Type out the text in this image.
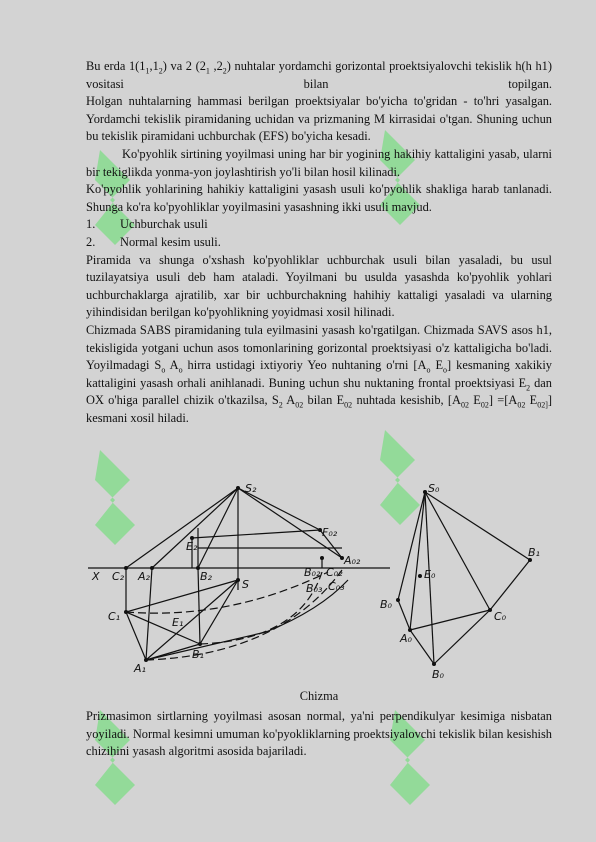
Bu erda $1(1_1,1_2)$ va 2 ($2_1$ $,2_2$) nuhtalar yordamchi gorizontal proektsiyalovchi tekislik h(h h1) vositasi bilan topilgan.

Holgan nuhtalarning hammasi berilgan proektsiyalar bo'yicha to'gridan - to'hri yasalgan. Yordamchi tekislik piramidaning uchidan va prizmaning M kirrasidai o'tgan. Shuning uchun bu tekislik piramidani uchburchak (EFS) bo'yicha kesadi.

Ko'pyohlik sirtining yoyilmasi uning har bir yogining hakihiy kattaligini yasab, ularni bir tekiglikda yonma-yon joylashtirish yo'li bilan hosil kilinadi.

Ko'pyohlik yohlarining hahikiy kattaligini yasash usuli ko'pyohlik shakliga harab tanlanadi. Shunga ko'ra ko'pyohliklar yoyilmasini yasashning ikki usuli mavjud.

1.	Uchburchak usuli

2.	Normal kesim usuli.

Piramida va shunga o'xshash ko'pyohliklar uchburchak usuli bilan yasaladi, bu usul tuzilayatsiya usuli deb ham ataladi. Yoyilmani bu usulda yasashda ko'pyohlik yohlari uchburchaklarga ajratilib, xar bir uchburchakning hahihiy kattaligi yasaladi va ularning yihindisidan berilgan ko'pyohlikning yoyidmasi xosil hilinadi.

Chizmada SABS piramidaning tula eyilmasini yasash ko'rgatilgan. Chizmada SAVS asos h1, tekisligida yotgani uchun asos tomonlarining gorizontal proektsiyasi o'z kattaligicha bo'ladi. Yoyilmadagi $S_o$ $A_o$ hirra ustidagi ixtiyoriy Yeo nuhtaning o'rni [$A_o$ $E_o$] kesmaning xakikiy kattaligini yasash orhali anihlanadi. Buning uchun shu nuktaning frontal proektsiyasi $E_2$ dan OX o'higa parallel chizik o'tkazilsa, $S_2$ $A_{02}$ bilan $E_{02}$ nuhtada kesishib, [$A_{02}$ $E_{02}] =[A_{02}$ $E_{02]}$] kesmani xosil hiladi.

S₂
F₀₂
E₂
A₀₂
X C₂ A₂	B₂	B₀₂ C₀₂
B₀₃ C₀₃
S
C₁	E₁
B₁
A₁
S₀
B₁
E₀
B₀
C₀
A₀
B₀
Chizma

Prizmasimon sirtlarning yoyilmasi asosan normal, ya'ni perpendikulyar kesimiga nisbatan yoyiladi. Normal kesimni umuman ko'pyokliklarning proektsiyalovchi tekislik bilan kesishish chizihini yasash algoritmi asosida bajariladi.
